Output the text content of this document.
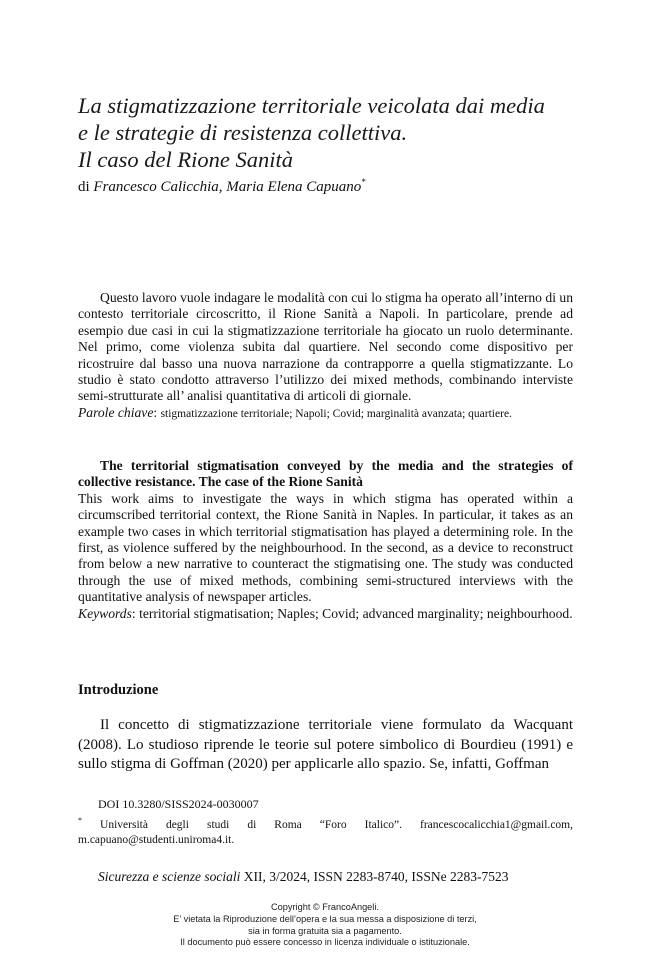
La stigmatizzazione territoriale veicolata dai media
e le strategie di resistenza collettiva.
Il caso del Rione Sanità
di Francesco Calicchia, Maria Elena Capuano*

Questo lavoro vuole indagare le modalità con cui lo stigma ha operato all’interno di un contesto territoriale circoscritto, il Rione Sanità a Napoli. In particolare, prende ad esempio due casi in cui la stigmatizzazione territoriale ha giocato un ruolo determinante. Nel primo, come violenza subita dal quartiere. Nel secondo come dispositivo per ricostruire dal basso una nuova narrazione da contrapporre a quella stigmatizzante. Lo studio è stato condotto attraverso l’utilizzo dei mixed methods, combinando interviste semi-strutturate all’ analisi quantitativa di articoli di giornale.
Parole chiave: stigmatizzazione territoriale; Napoli; Covid; marginalità avanzata; quartiere.

The territorial stigmatisation conveyed by the media and the strategies of collective resistance. The case of the Rione Sanità
This work aims to investigate the ways in which stigma has operated within a circumscribed territorial context, the Rione Sanità in Naples. In particular, it takes as an example two cases in which territorial stigmatisation has played a determining role. In the first, as violence suffered by the neighbourhood. In the second, as a device to reconstruct from below a new narrative to counteract the stigmatising one. The study was conducted through the use of mixed methods, combining semi-structured interviews with the quantitative analysis of newspaper articles.
Keywords: territorial stigmatisation; Naples; Covid; advanced marginality; neighbourhood.

Introduzione

Il concetto di stigmatizzazione territoriale viene formulato da Wacquant (2008). Lo studioso riprende le teorie sul potere simbolico di Bourdieu (1991) e sullo stigma di Goffman (2020) per applicarle allo spazio. Se, infatti, Goffman

DOI 10.3280/SISS2024-0030007

* Università degli studi di Roma “Foro Italico”. francescocalicchia1@gmail.com, m.capuano@studenti.uniroma4.it.

Sicurezza e scienze sociali XII, 3/2024, ISSN 2283-8740, ISSNe 2283-7523
Copyright © FrancoAngeli.
E’ vietata la Riproduzione dell’opera e la sua messa a disposizione di terzi,
sia in forma gratuita sia a pagamento.
Il documento può essere concesso in licenza individuale o istituzionale.
